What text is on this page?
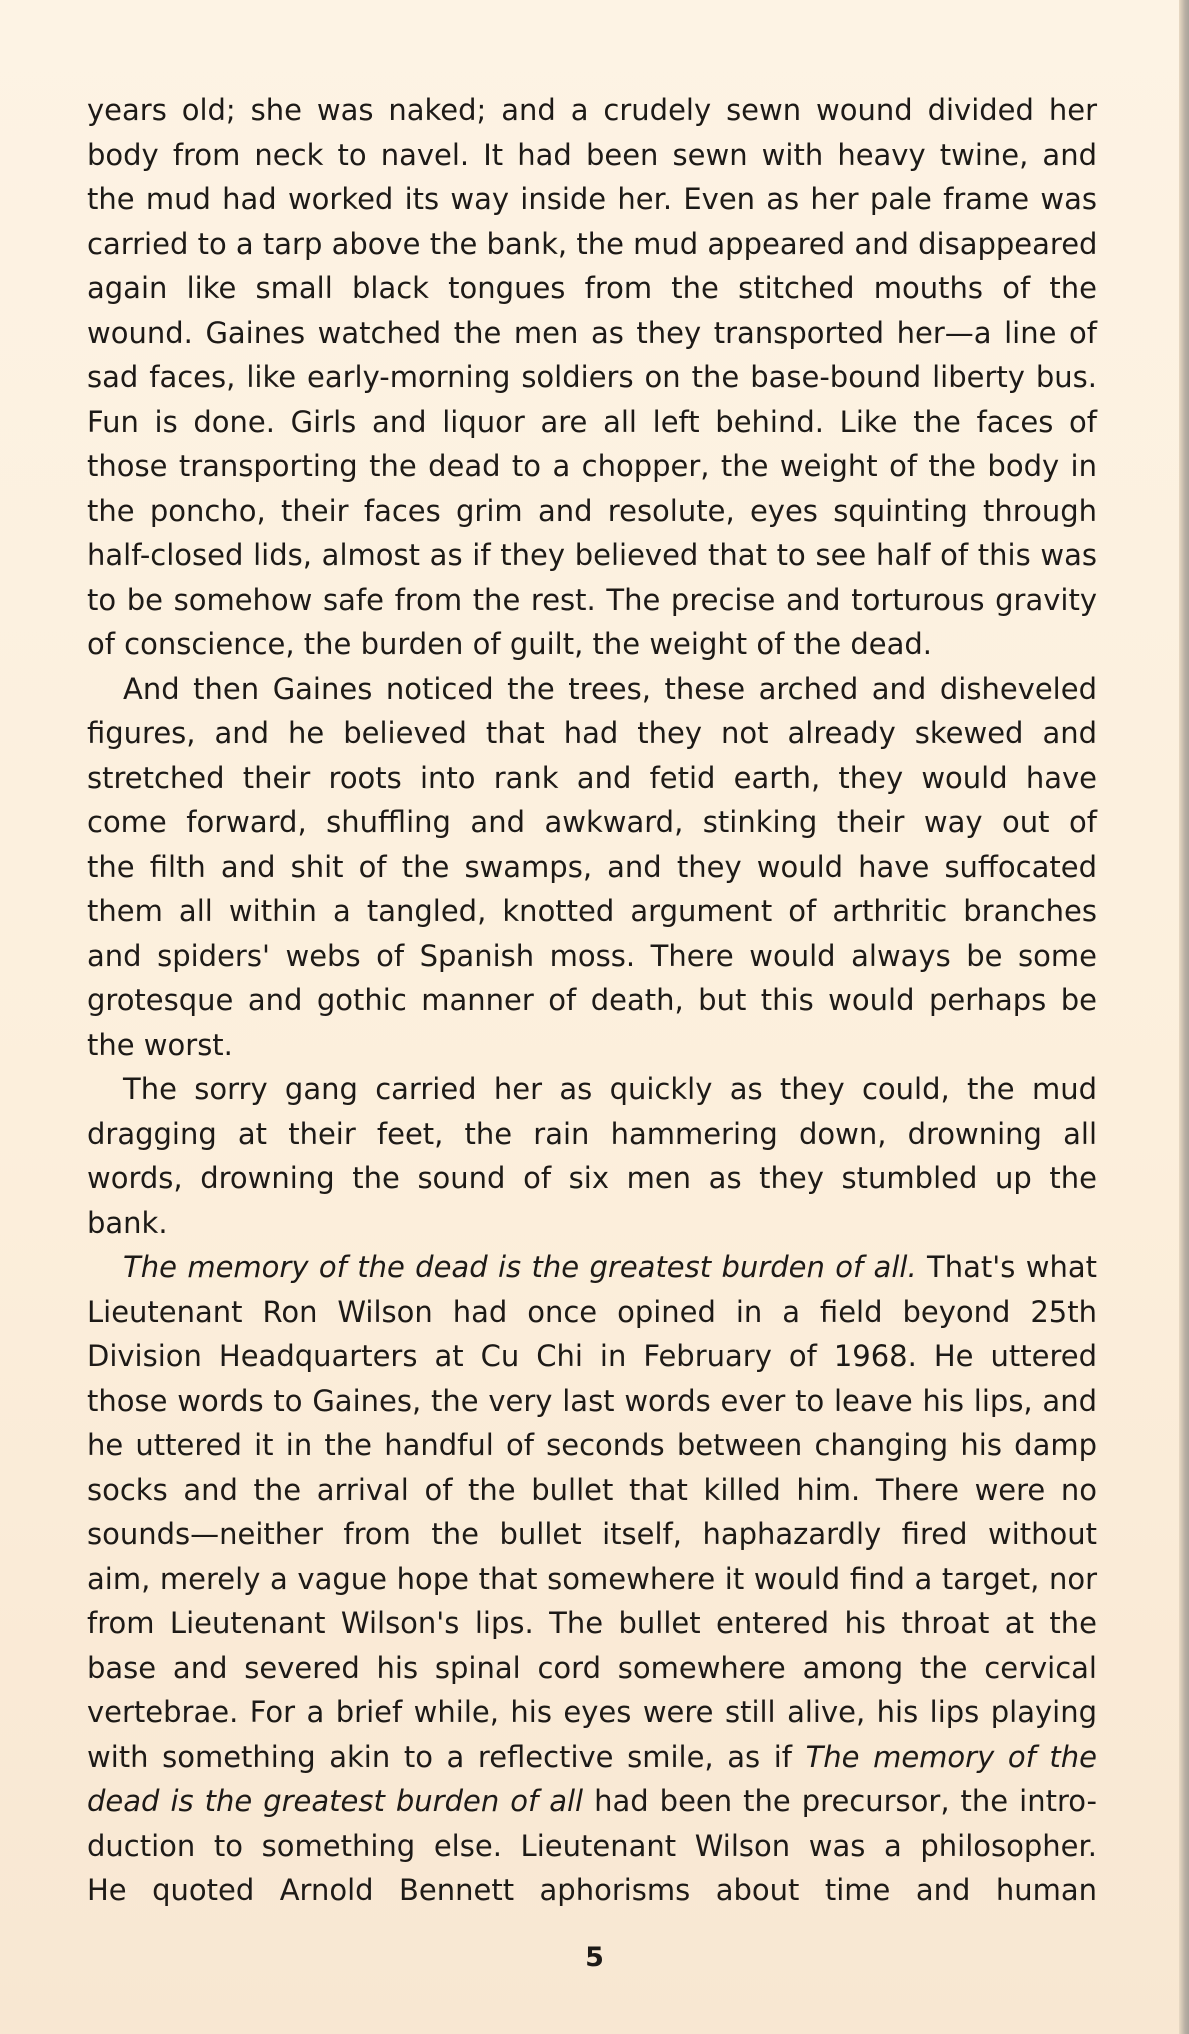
years old; she was naked; and a crudely sewn wound divided her
body from neck to navel. It had been sewn with heavy twine, and
the mud had worked its way inside her. Even as her pale frame was
carried to a tarp above the bank, the mud appeared and disappeared
again like small black tongues from the stitched mouths of the
wound. Gaines watched the men as they transported her—a line of
sad faces, like early-morning soldiers on the base-bound liberty bus.
Fun is done. Girls and liquor are all left behind. Like the faces of
those transporting the dead to a chopper, the weight of the body in
the poncho, their faces grim and resolute, eyes squinting through
half-closed lids, almost as if they believed that to see half of this was
to be somehow safe from the rest. The precise and torturous gravity
of conscience, the burden of guilt, the weight of the dead.
And then Gaines noticed the trees, these arched and disheveled
figures, and he believed that had they not already skewed and
stretched their roots into rank and fetid earth, they would have
come forward, shuffling and awkward, stinking their way out of
the filth and shit of the swamps, and they would have suffocated
them all within a tangled, knotted argument of arthritic branches
and spiders' webs of Spanish moss. There would always be some
grotesque and gothic manner of death, but this would perhaps be
the worst.
The sorry gang carried her as quickly as they could, the mud
dragging at their feet, the rain hammering down, drowning all
words, drowning the sound of six men as they stumbled up the
bank.
The memory of the dead is the greatest burden of all. That's what
Lieutenant Ron Wilson had once opined in a field beyond 25th
Division Headquarters at Cu Chi in February of 1968. He uttered
those words to Gaines, the very last words ever to leave his lips, and
he uttered it in the handful of seconds between changing his damp
socks and the arrival of the bullet that killed him. There were no
sounds—neither from the bullet itself, haphazardly fired without
aim, merely a vague hope that somewhere it would find a target, nor
from Lieutenant Wilson's lips. The bullet entered his throat at the
base and severed his spinal cord somewhere among the cervical
vertebrae. For a brief while, his eyes were still alive, his lips playing
with something akin to a reflective smile, as if The memory of the
dead is the greatest burden of all had been the precursor, the intro-
duction to something else. Lieutenant Wilson was a philosopher.
He quoted Arnold Bennett aphorisms about time and human
5
